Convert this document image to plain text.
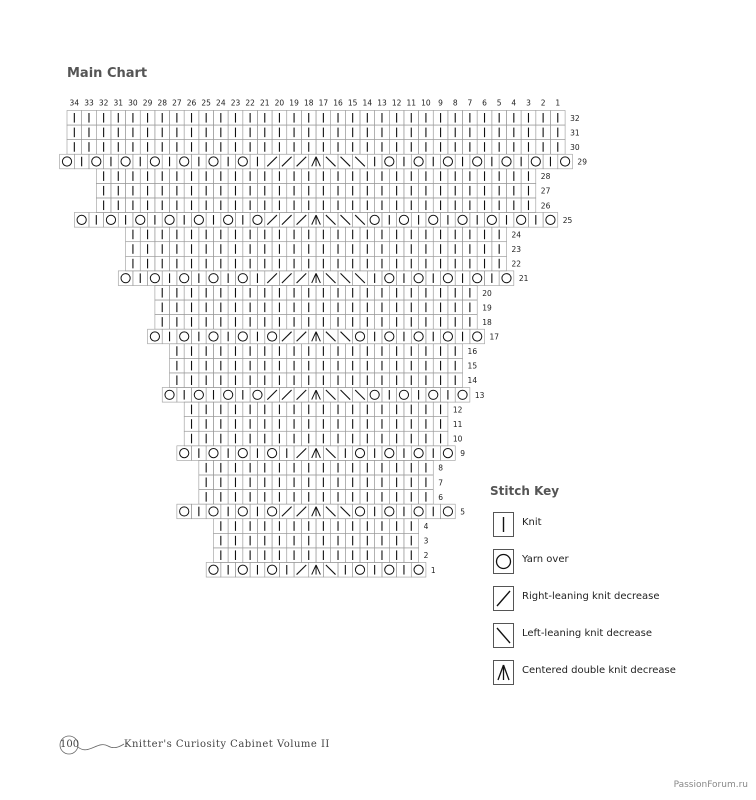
Main Chart
34 33 32 31 30 29 28 27 26 25 24 23 22 21 20 19 18 17 16 15 14 13 12 11 10 9 8 7 6 5 4 3 2 1
32
31
30
29
28
27
26
25
24
23
22
21
20
19
18
17
16
15
14
13
12
11
10
9
8
7
6
5
4
3
2
1
Stitch Key
Knit
Yarn over
Right-leaning knit decrease
Left-leaning knit decrease
Centered double knit decrease
100	Knitter's Curiosity Cabinet Volume II
PassionForum.ru
